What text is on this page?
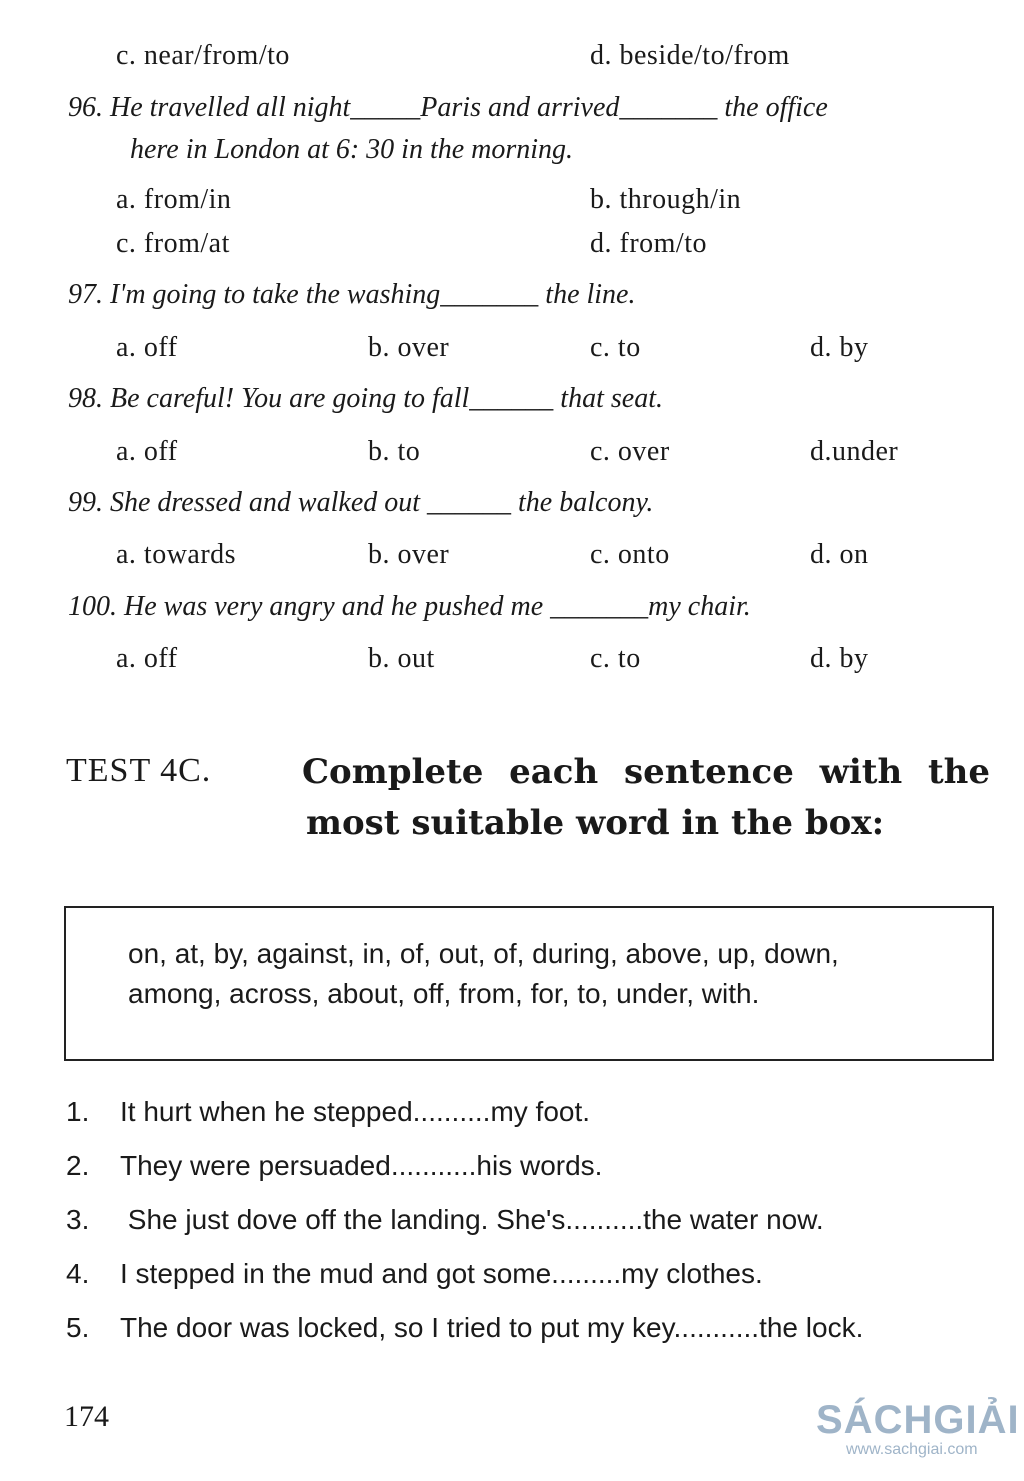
c. near/from/to	d. beside/to/from
96. He travelled all night_____Paris and arrived_______ the office
here in London at 6: 30 in the morning.
a. from/in	b. through/in
c. from/at	d. from/to
97. I'm going to take the washing_______ the line.
a. off	b. over	c. to	d. by
98. Be careful! You are going to fall______ that seat.
a. off	b. to	c. over	d.under
99. She dressed and walked out ______ the balcony.
a. towards	b. over	c. onto	d. on
100. He was very angry and he pushed me _______my chair.
a. off	b. out	c. to	d. by
TEST 4C.	Complete each sentence with the
most suitable word in the box:
on, at, by, against, in, of, out, of, during, above, up, down,
among, across, about, off, from, for, to, under, with.
1. It hurt when he stepped..........my foot.
2. They were persuaded...........his words.
3. She just dove off the landing. She's..........the water now.
4. I stepped in the mud and got some.........my clothes.
5. The door was locked, so I tried to put my key...........the lock.
174	SÁCHGIẢI
www.sachgiai.com
